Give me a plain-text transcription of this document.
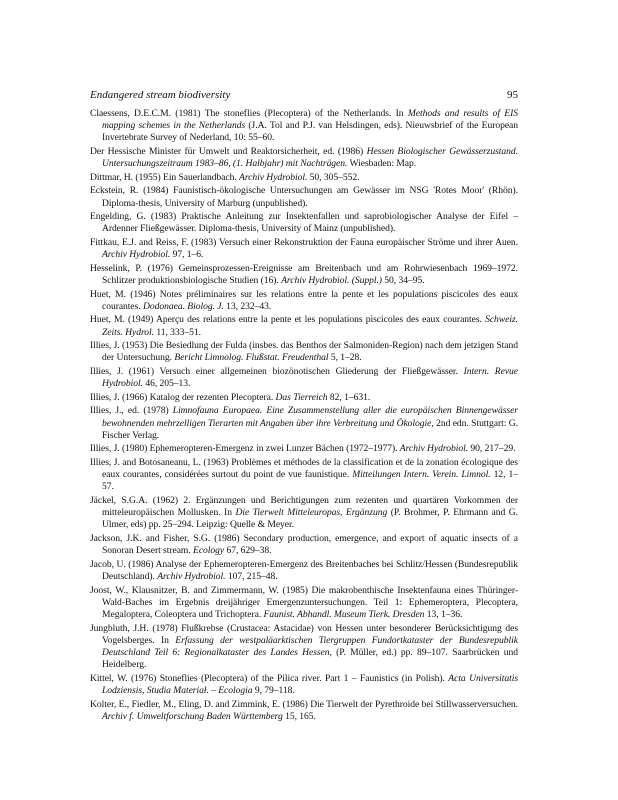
Endangered stream biodiversity	95

Claessens, D.E.C.M. (1981) The stoneflies (Plecoptera) of the Netherlands. In Methods and results of EIS mapping schemes in the Netherlands (J.A. Tol and P.J. van Helsdingen, eds). Nieuwsbrief of the European Invertebrate Survey of Nederland, 10: 55–60.

Der Hessische Minister für Umwelt und Reaktorsicherheit, ed. (1986) Hessen Biologischer Gewässerzustand. Untersuchungszeitraum 1983–86, (1. Halbjahr) mit Nachträgen. Wiesbaden: Map.

Dittmar, H. (1955) Ein Sauerlandbach. Archiv Hydrobiol. 50, 305–552.

Eckstein, R. (1984) Faunistisch-ökologische Untersuchungen am Gewässer im NSG 'Rotes Moor' (Rhön). Diploma-thesis, University of Marburg (unpublished).

Engelding, G. (1983) Praktische Anleitung zur Insektenfallen und saprobiologischer Analyse der Eifel – Ardenner Fließgewässer. Diploma-thesis, University of Mainz (unpublished).

Fittkau, E.J. and Reiss, F. (1983) Versuch einer Rekonstruktion der Fauna europäischer Ströme und ihrer Auen. Archiv Hydrobiol. 97, 1–6.

Hesselink, P. (1976) Gemeinsprozessen-Ereignisse am Breitenbach und am Rohrwiesenbach 1969–1972. Schlitzer produktionsbiologische Studien (16). Archiv Hydrobiol. (Suppl.) 50, 34–95.

Huet, M. (1946) Notes préliminaires sur les relations entre la pente et les populations piscicoles des eaux courantes. Dodonaea. Biolog. J. 13, 232–43.

Huet, M. (1949) Aperçu des relations entre la pente et les populations piscicoles des eaux courantes. Schweiz. Zeits. Hydrol. 11, 333–51.

Illies, J. (1953) Die Besiedlung der Fulda (insbes. das Benthos der Salmoniden-Region) nach dem jetzigen Stand der Untersuchung. Bericht Limnolog. Flußstat. Freudenthal 5, 1–28.

Illies, J. (1961) Versuch einer allgemeinen biozönotischen Gliederung der Fließgewässer. Intern. Revue Hydrobiol. 46, 205–13.

Illies, J. (1966) Katalog der rezenten Plecoptera. Das Tierreich 82, 1–631.

Illies, J., ed. (1978) Limnofauna Europaea. Eine Zusammenstellung aller die europäischen Binnengewässer bewohnenden mehrzelligen Tierarten mit Angaben über ihre Verbreitung und Ökologie, 2nd edn. Stuttgart: G. Fischer Verlag.

Illies, J. (1980) Ephemeropteren-Emergenz in zwei Lunzer Bächen (1972–1977). Archiv Hydrobiol. 90, 217–29.

Illies, J. and Botosaneanu, L. (1963) Problèmes et méthodes de la classification et de la zonation écologique des eaux courantes, considérées surtout du point de vue faunistique. Mitteilungen Intern. Verein. Limnol. 12, 1–57.

Jäckel, S.G.A. (1962) 2. Ergänzungen und Berichtigungen zum rezenten und quartären Vorkommen der mitteleuropäischen Mollusken. In Die Tierwelt Mitteleuropas, Ergänzung (P. Brohmer, P. Ehrmann and G. Ulmer, eds) pp. 25–294. Leipzig: Quelle & Meyer.

Jackson, J.K. and Fisher, S.G. (1986) Secondary production, emergence, and export of aquatic insects of a Sonoran Desert stream. Ecology 67, 629–38.

Jacob, U. (1986) Analyse der Ephemeropteren-Emergenz des Breitenbaches bei Schlitz/Hessen (Bundesrepublik Deutschland). Archiv Hydrobiol. 107, 215–48.

Joost, W., Klausnitzer, B. and Zimmermann, W. (1985) Die makrobenthische Insektenfauna eines Thüringer-Wald-Baches im Ergebnis dreijähriger Emergenzuntersuchungen. Teil 1: Ephemeroptera, Plecoptera, Megaloptera, Coleoptera und Trichoptera. Faunist. Abhandl. Museum Tierk. Dresden 13, 1–36.

Jungbluth, J.H. (1978) Flußkrebse (Crustacea: Astacidae) von Hessen unter besonderer Berücksichtigung des Vogelsberges. In Erfassung der westpaläarktischen Tiergruppen Fundortkataster der Bundesrepublik Deutschland Teil 6: Regionalkataster des Landes Hessen, (P. Müller, ed.) pp. 89–107. Saarbrücken und Heidelberg.

Kittel, W. (1976) Stoneflies (Plecoptera) of the Pilica river. Part 1 – Faunistics (in Polish). Acta Universitatis Lodziensis, Studia Materiał. – Ecologia 9, 79–118.

Kolter, E., Fiedler, M., Eling, D. and Zimmink, E. (1986) Die Tierwelt der Pyrethroide bei Stillwasserversuchen. Archiv f. Umweltforschung Baden Württemberg 15, 165.
